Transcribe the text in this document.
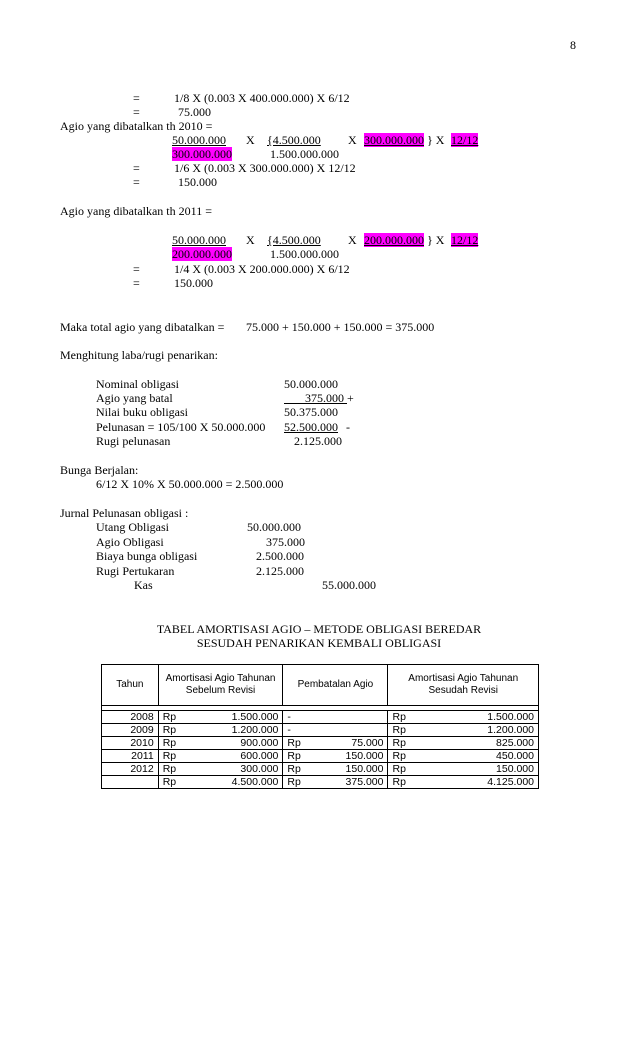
8
=	1/8 X (0.003 X 400.000.000) X 6/12
=	75.000
Agio yang dibatalkan th 2010 =
50.000.000 X {4.500.000 X 300.000.000 } X 12/12
300.000.000	1.500.000.000
=	1/6 X (0.003 X 300.000.000) X 12/12
=	150.000
Agio yang dibatalkan th 2011 =
50.000.000 X {4.500.000 X 200.000.000 } X 12/12
200.000.000	1.500.000.000
=	1/4 X (0.003 X 200.000.000) X 6/12
=	150.000
Maka total agio yang dibatalkan = 75.000 + 150.000 + 150.000 = 375.000
Menghitung laba/rugi penarikan:
Nominal obligasi	50.000.000
Agio yang batal	375.000 +
Nilai buku obligasi	50.375.000
Pelunasan = 105/100 X 50.000.000 52.500.000 -
Rugi pelunasan	2.125.000
Bunga Berjalan:
6/12 X 10% X 50.000.000 = 2.500.000
Jurnal Pelunasan obligasi :
Utang Obligasi	50.000.000
Agio Obligasi	375.000
Biaya bunga obligasi	2.500.000
Rugi Pertukaran	2.125.000
Kas	55.000.000
TABEL AMORTISASI AGIO – METODE OBLIGASI BEREDAR
SESUDAH PENARIKAN KEMBALI OBLIGASI
Tahun	Amortisasi Agio Tahunan Sebelum Revisi		Pembatalan Agio		Amortisasi Agio Tahunan Sesudah Revisi	

2008	Rp	1.500.000	-		Rp	1.500.000
2009	Rp	1.200.000	-		Rp	1.200.000
2010	Rp	900.000	Rp	75.000	Rp	825.000
2011	Rp	600.000	Rp	150.000	Rp	450.000
2012	Rp	300.000	Rp	150.000	Rp	150.000
	Rp	4.500.000	Rp	375.000	Rp	4.125.000
